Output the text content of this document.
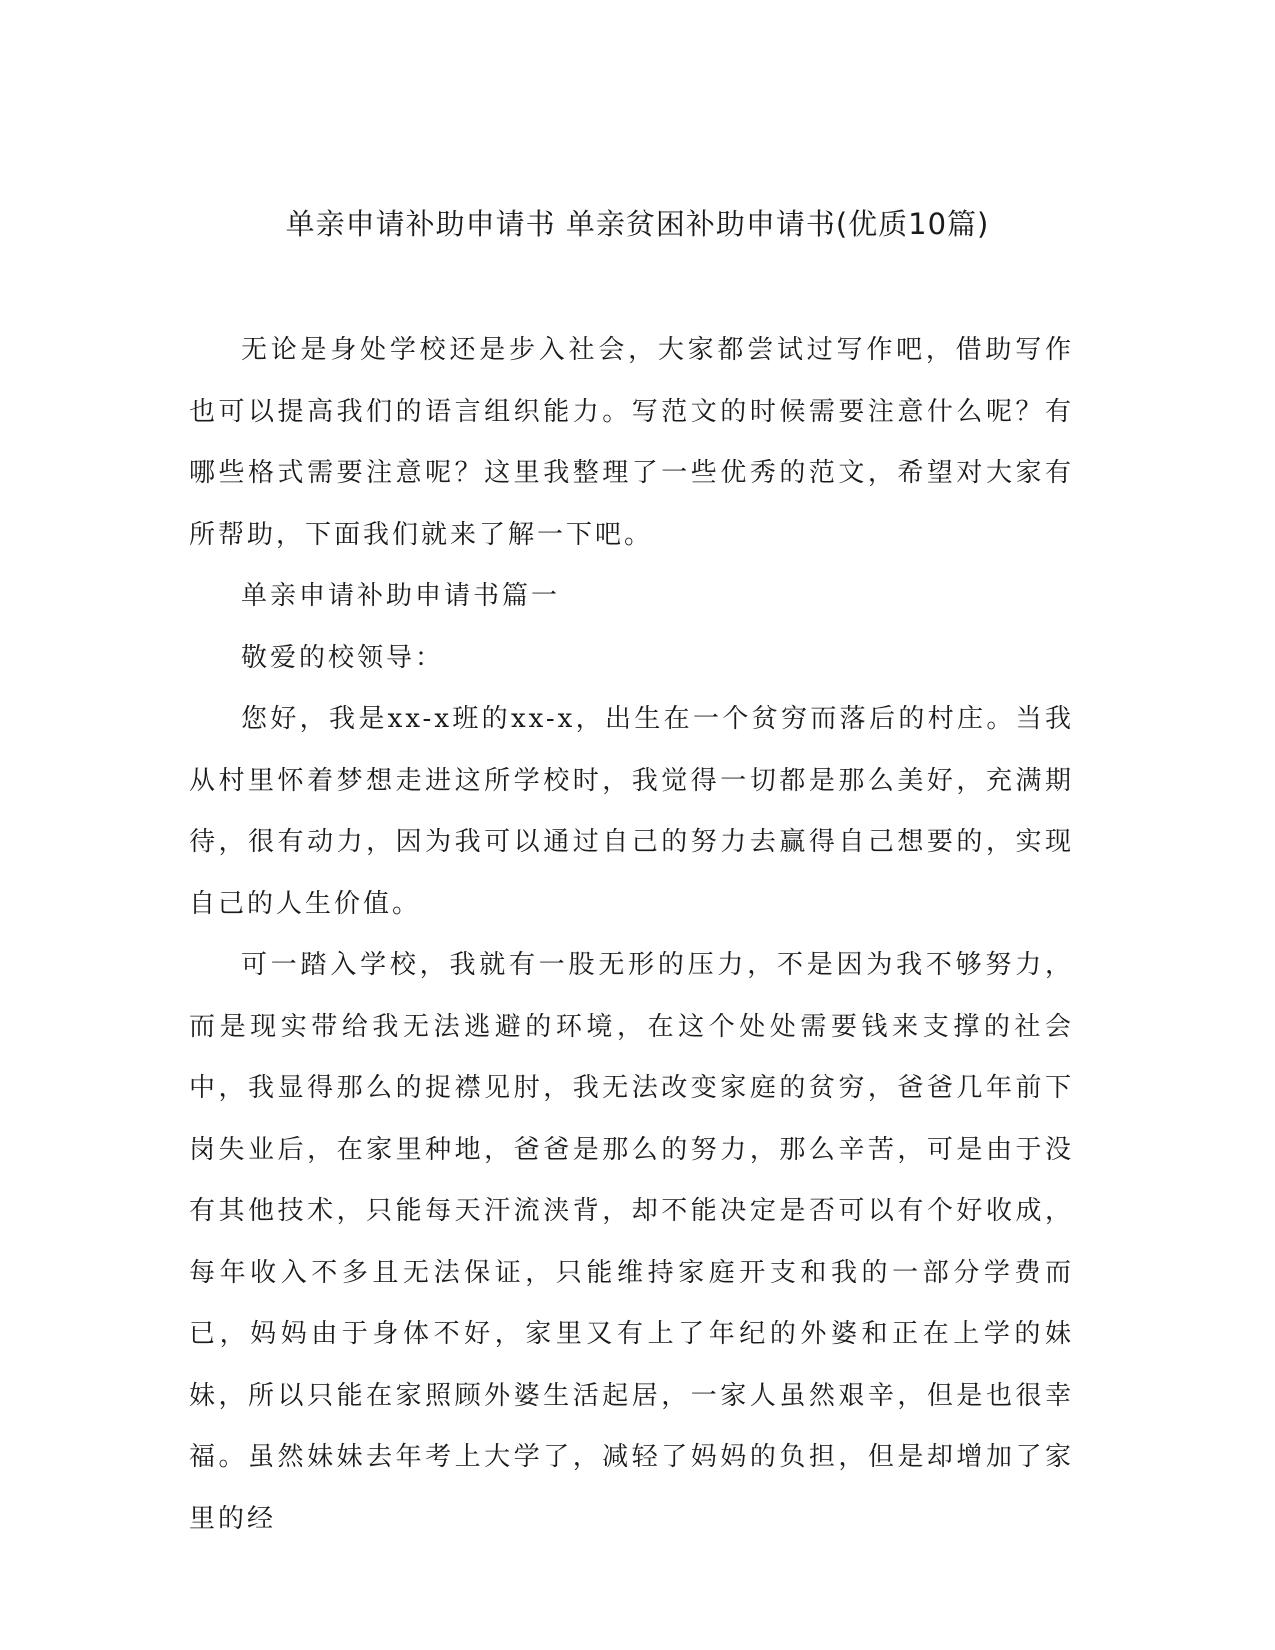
单亲申请补助申请书 单亲贫困补助申请书(优质10篇)

无论是身处学校还是步入社会，大家都尝试过写作吧，借助写作也可以提高我们的语言组织能力。写范文的时候需要注意什么呢？有哪些格式需要注意呢？这里我整理了一些优秀的范文，希望对大家有所帮助，下面我们就来了解一下吧。

单亲申请补助申请书篇一

敬爱的校领导：

您好，我是xx-x班的xx-x，出生在一个贫穷而落后的村庄。当我从村里怀着梦想走进这所学校时，我觉得一切都是那么美好，充满期待，很有动力，因为我可以通过自己的努力去赢得自己想要的，实现自己的人生价值。

可一踏入学校，我就有一股无形的压力，不是因为我不够努力，而是现实带给我无法逃避的环境，在这个处处需要钱来支撑的社会中，我显得那么的捉襟见肘，我无法改变家庭的贫穷，爸爸几年前下岗失业后，在家里种地，爸爸是那么的努力，那么辛苦，可是由于没有其他技术，只能每天汗流浃背，却不能决定是否可以有个好收成，每年收入不多且无法保证，只能维持家庭开支和我的一部分学费而已，妈妈由于身体不好，家里又有上了年纪的外婆和正在上学的妹妹，所以只能在家照顾外婆生活起居，一家人虽然艰辛，但是也很幸福。虽然妹妹去年考上大学了，减轻了妈妈的负担，但是却增加了家里的经
